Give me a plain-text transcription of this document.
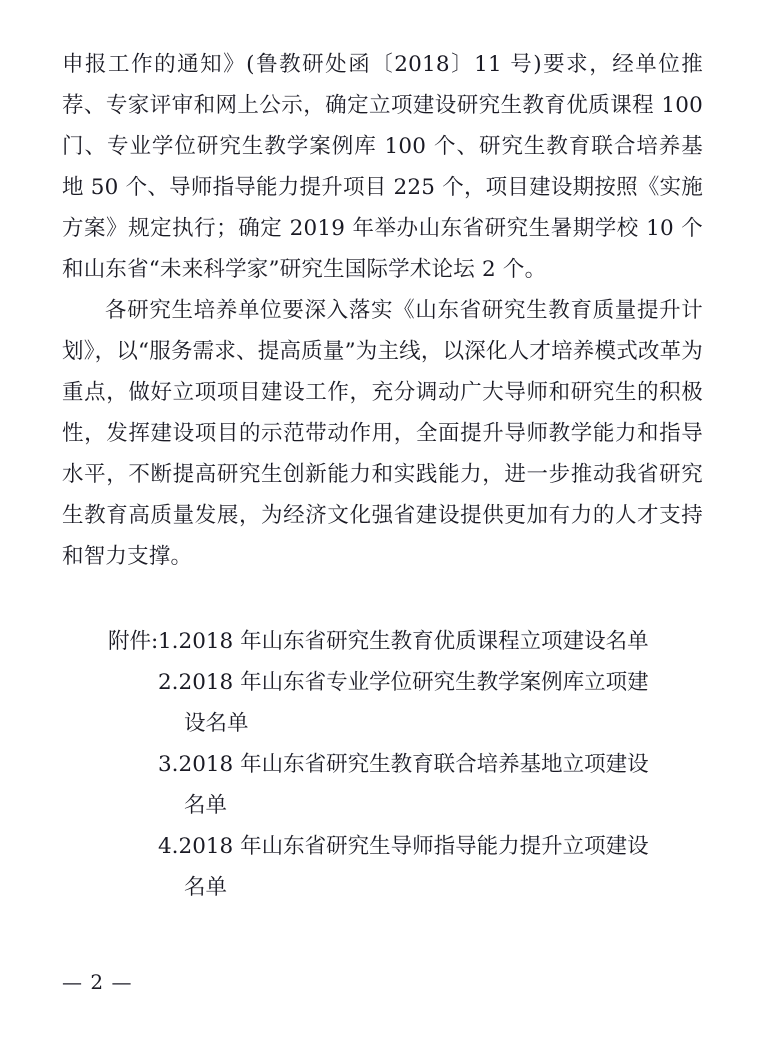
申报工作的通知》(鲁教研处函〔2018〕11 号)要求，经单位推荐、专家评审和网上公示，确定立项建设研究生教育优质课程 100 门、专业学位研究生教学案例库 100 个、研究生教育联合培养基地 50 个、导师指导能力提升项目 225 个，项目建设期按照《实施方案》规定执行；确定 2019 年举办山东省研究生暑期学校 10 个和山东省“未来科学家”研究生国际学术论坛 2 个。

各研究生培养单位要深入落实《山东省研究生教育质量提升计划》，以“服务需求、提高质量”为主线，以深化人才培养模式改革为重点，做好立项项目建设工作，充分调动广大导师和研究生的积极性，发挥建设项目的示范带动作用，全面提升导师教学能力和指导水平，不断提高研究生创新能力和实践能力，进一步推动我省研究生教育高质量发展，为经济文化强省建设提供更加有力的人才支持和智力支撑。

附件: 1.2018 年山东省研究生教育优质课程立项建设名单
2.2018 年山东省专业学位研究生教学案例库立项建
设名单
3.2018 年山东省研究生教育联合培养基地立项建设
名单
4.2018 年山东省研究生导师指导能力提升立项建设
名单
— 2 —
